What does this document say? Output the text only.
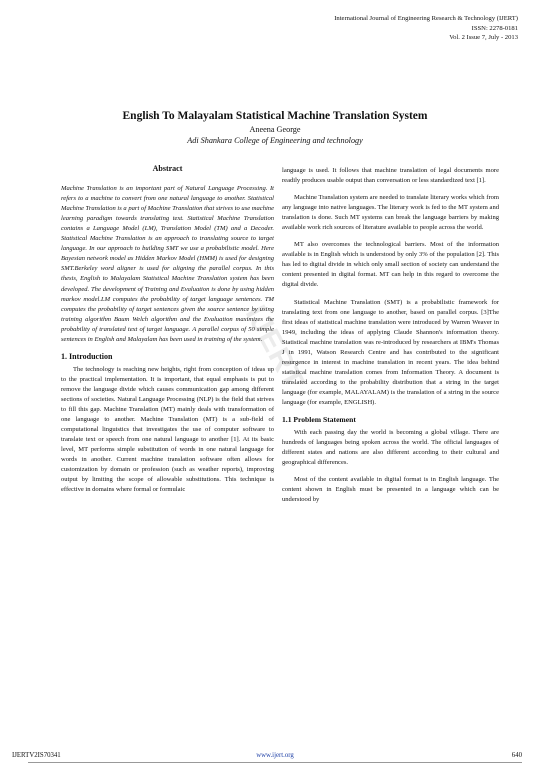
International Journal of Engineering Research & Technology (IJERT)
ISSN: 2278-0181
Vol. 2 Issue 7, July - 2013
English To Malayalam Statistical Machine Translation System
Aneena George
Adi Shankara College of Engineering and technology
IJERT
Abstract

Machine Translation is an important part of Natural Language Processing. It refers to a machine to convert from one natural language to another. Statistical Machine Translation is a part of Machine Translation that strives to use machine learning paradigm towards translating text. Statistical Machine Translation contains a Language Model (LM), Translation Model (TM) and a Decoder. Statistical Machine Translation is an approach to translating source to target language. In our approach to building SMT we use a probabilistic model. Here Bayesian network model as Hidden Markov Model (HMM) is used for designing SMT.Berkeley word aligner is used for aligning the parallel corpus. In this thesis, English to Malayalam Statistical Machine Translation system has been developed. The development of Training and Evaluation is done by using hidden markov model.LM computes the probability of target language sentences. TM computes the probability of target sentences given the source sentence by using training algorithm Baum Welch algorithm and the Evaluation maximizes the probability of translated text of target language. A parallel corpus of 50 simple sentences in English and Malayalam has been used in training of the system.

1. Introduction

The technology is reaching new heights, right from conception of ideas up to the practical implementation. It is important, that equal emphasis is put to remove the language divide which causes communication gap among different sections of societies. Natural Language Processing (NLP) is the field that strives to fill this gap. Machine Translation (MT) mainly deals with transformation of one language to another. Machine Translation (MT) is a sub-field of computational linguistics that investigates the use of computer software to translate text or speech from one natural language to another [1]. At its basic level, MT performs simple substitution of words in one natural language for words in another. Current machine translation software often allows for customization by domain or profession (such as weather reports), improving output by limiting the scope of allowable substitutions. This technique is effective in domains where formal or formulaic

language is used. It follows that machine translation of legal documents more readily produces usable output than conversation or less standardized text [1].

Machine Translation system are needed to translate literary works which from any language into native languages. The literary work is fed to the MT system and translation is done. Such MT systems can break the language barriers by making available work rich sources of literature available to people across the world.

MT also overcomes the technological barriers. Most of the information available is in English which is understood by only 3% of the population [2]. This has led to digital divide in which only small section of society can understand the content presented in digital format. MT can help in this regard to overcome the digital divide.

Statistical Machine Translation (SMT) is a probabilistic framework for translating text from one language to another, based on parallel corpus. [3]The first ideas of statistical machine translation were introduced by Warren Weaver in 1949, including the ideas of applying Claude Shannon's information theory. Statistical machine translation was re-introduced by researchers at IBM's Thomas J in 1991, Watson Research Centre and has contributed to the significant resurgence in interest in machine translation in recent years. The idea behind statistical machine translation comes from Information Theory. A document is translated according to the probability distribution that a string in the target language (for example, MALAYALAM) is the translation of a string in the source language (for example, ENGLISH).

1.1 Problem Statement

With each passing day the world is becoming a global village. There are hundreds of languages being spoken across the world. The official languages of different states and nations are also different according to their cultural and geographical differences.

Most of the content available in digital format is in English language. The content shown in English must be presented in a language which can be understood by

IJERTV2IS70341	www.ijert.org	640
